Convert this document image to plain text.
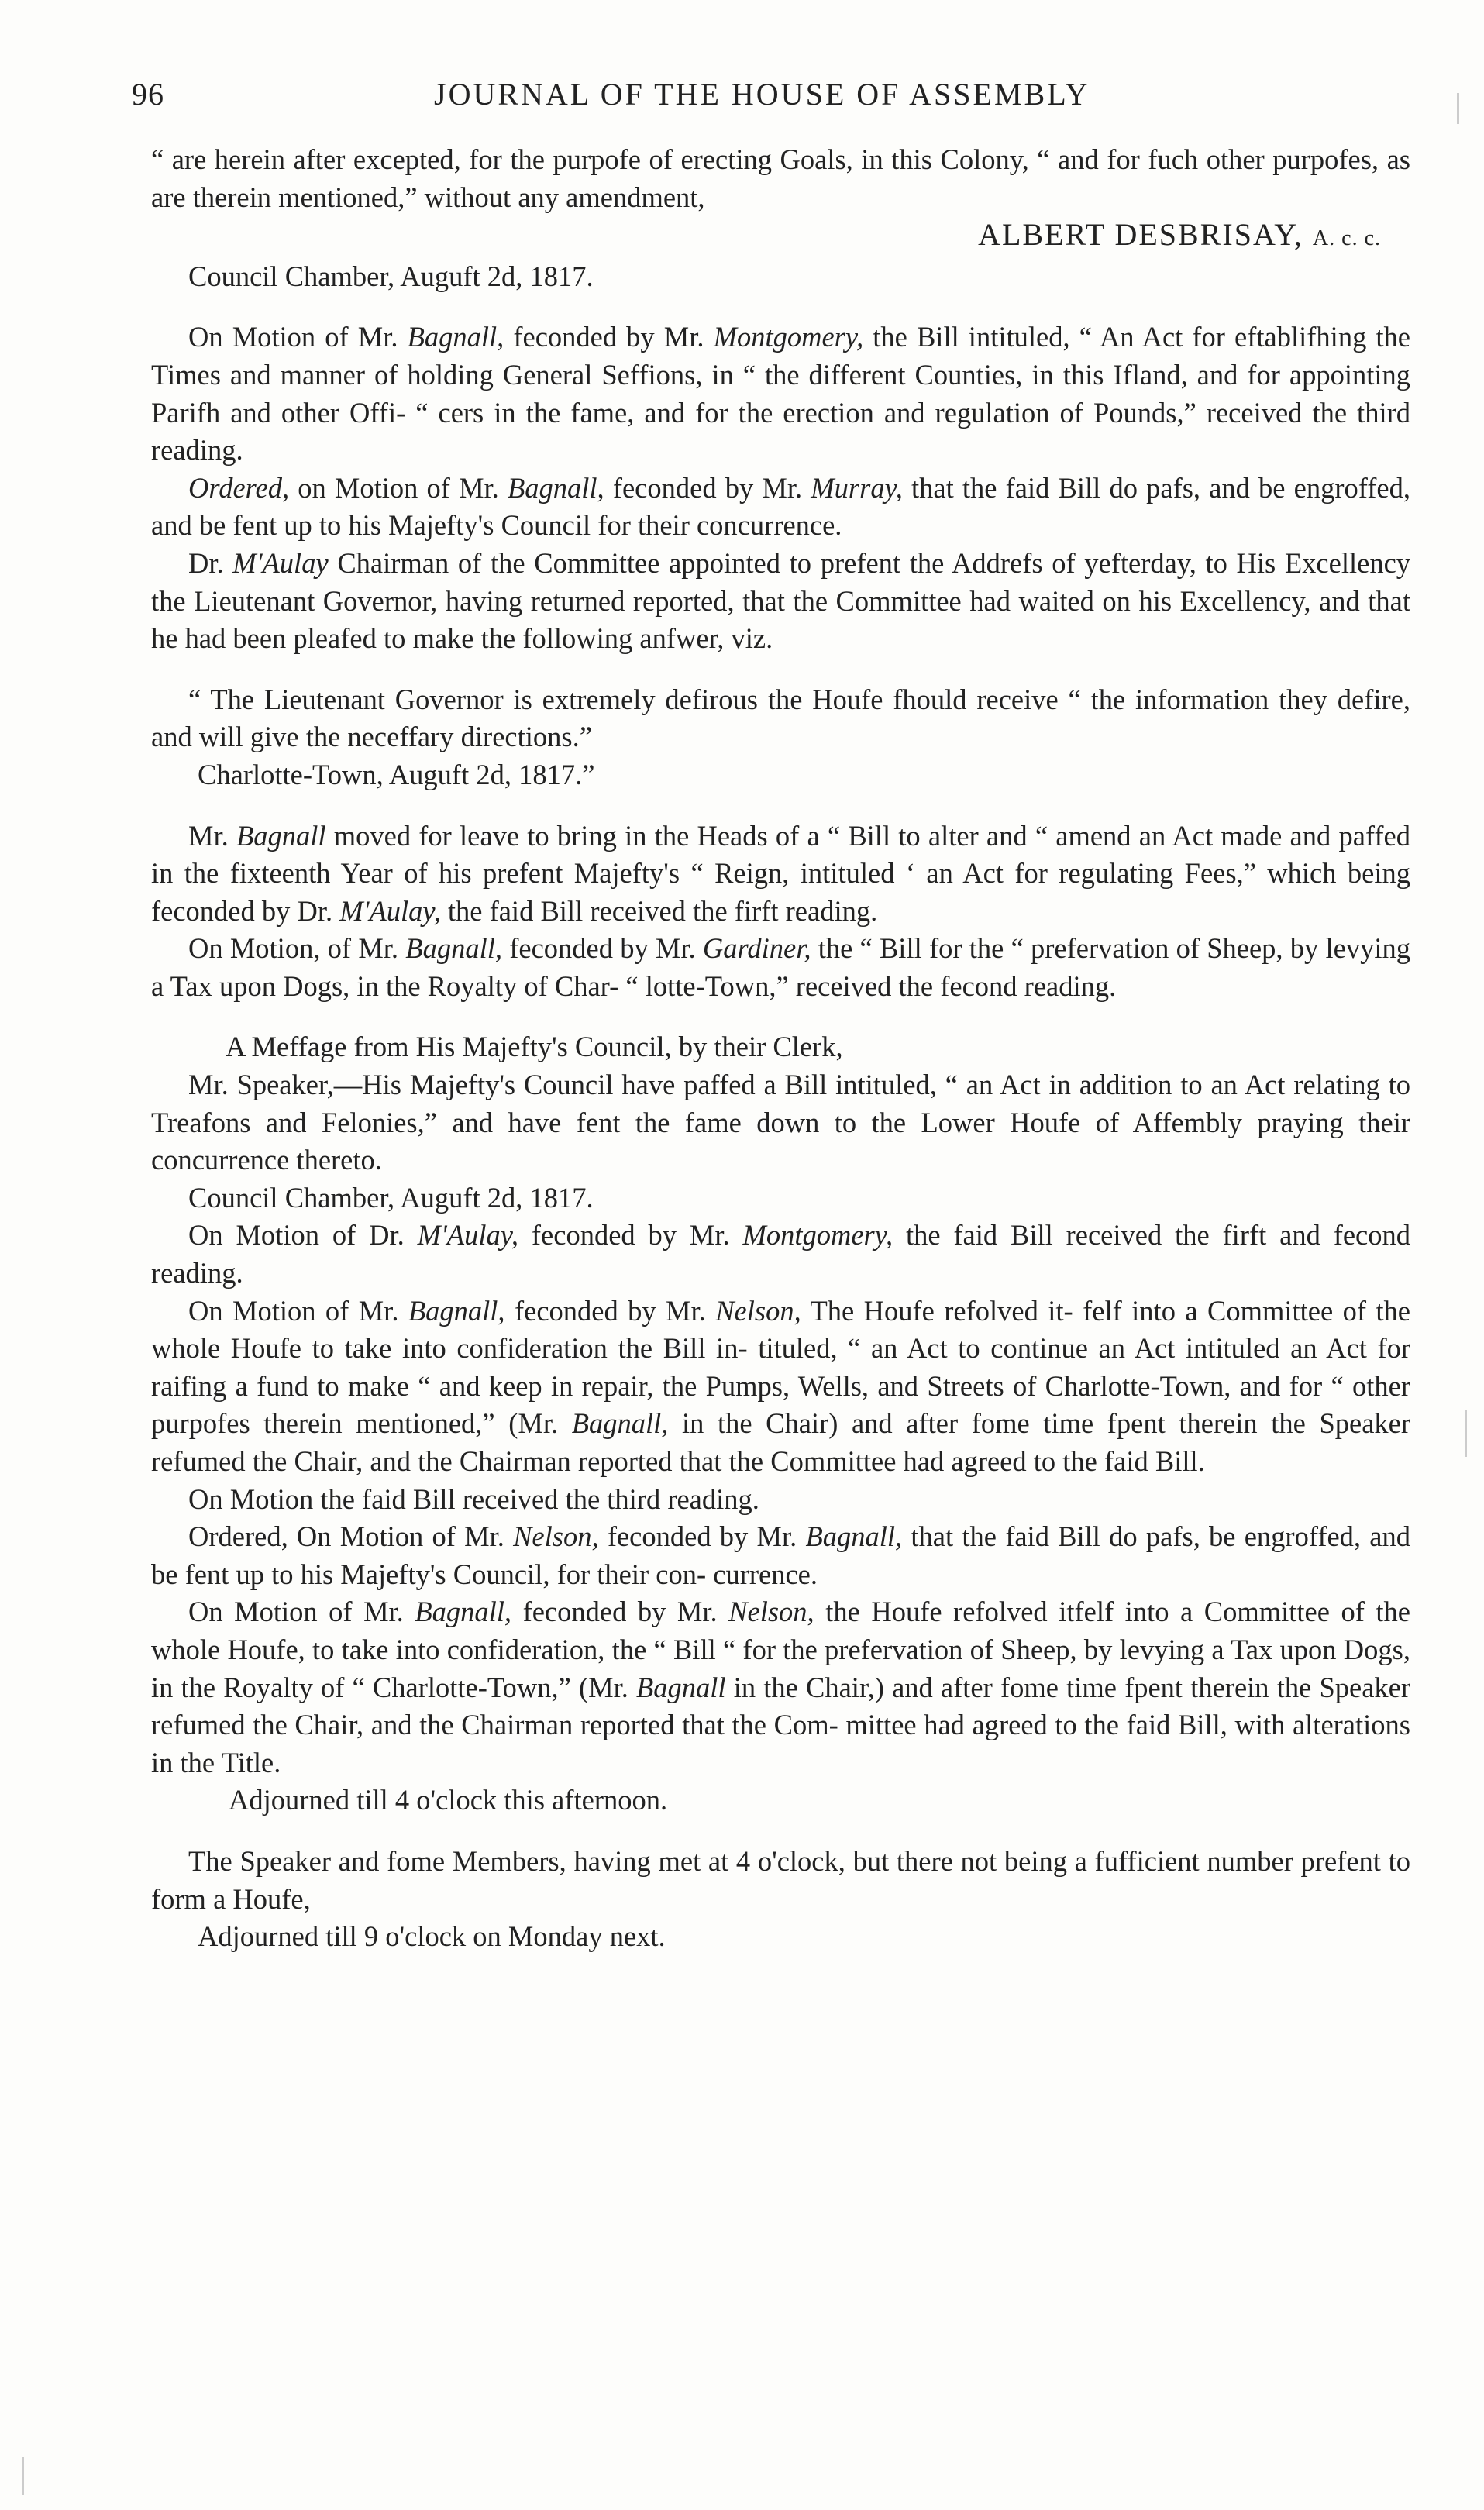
96	JOURNAL OF THE HOUSE OF ASSEMBLY

“ are herein after excepted, for the purpofe of erecting Goals, in this Colony, “ and for fuch other purpofes, as are therein mentioned,” without any amendment,

ALBERT DESBRISAY, A. c. c.

Council Chamber, Auguft 2d, 1817.

On Motion of Mr. Bagnall, feconded by Mr. Montgomery, the Bill intituled, “ An Act for eftablifhing the Times and manner of holding General Seffions, in “ the different Counties, in this Ifland, and for appointing Parifh and other Offi- “ cers in the fame, and for the erection and regulation of Pounds,” received the third reading.

Ordered, on Motion of Mr. Bagnall, feconded by Mr. Murray, that the faid Bill do pafs, and be engroffed, and be fent up to his Majefty's Council for their concurrence.

Dr. M'Aulay Chairman of the Committee appointed to prefent the Addrefs of yefterday, to His Excellency the Lieutenant Governor, having returned reported, that the Committee had waited on his Excellency, and that he had been pleafed to make the following anfwer, viz.

“ The Lieutenant Governor is extremely defirous the Houfe fhould receive “ the information they defire, and will give the neceffary directions.”

Charlotte-Town, Auguft 2d, 1817.”

Mr. Bagnall moved for leave to bring in the Heads of a “ Bill to alter and “ amend an Act made and paffed in the fixteenth Year of his prefent Majefty's “ Reign, intituled ‘ an Act for regulating Fees,” which being feconded by Dr. M'Aulay, the faid Bill received the firft reading.

On Motion, of Mr. Bagnall, feconded by Mr. Gardiner, the “ Bill for the “ prefervation of Sheep, by levying a Tax upon Dogs, in the Royalty of Char- “ lotte-Town,” received the fecond reading.

A Meffage from His Majefty's Council, by their Clerk,

Mr. Speaker,—His Majefty's Council have paffed a Bill intituled, “ an Act in addition to an Act relating to Treafons and Felonies,” and have fent the fame down to the Lower Houfe of Affembly praying their concurrence thereto.

Council Chamber, Auguft 2d, 1817.

On Motion of Dr. M'Aulay, feconded by Mr. Montgomery, the faid Bill received the firft and fecond reading.

On Motion of Mr. Bagnall, feconded by Mr. Nelson, The Houfe refolved it- felf into a Committee of the whole Houfe to take into confideration the Bill in- tituled, “ an Act to continue an Act intituled an Act for raifing a fund to make “ and keep in repair, the Pumps, Wells, and Streets of Charlotte-Town, and for “ other purpofes therein mentioned,” (Mr. Bagnall, in the Chair) and after fome time fpent therein the Speaker refumed the Chair, and the Chairman reported that the Committee had agreed to the faid Bill.

On Motion the faid Bill received the third reading.

Ordered, On Motion of Mr. Nelson, feconded by Mr. Bagnall, that the faid Bill do pafs, be engroffed, and be fent up to his Majefty's Council, for their con- currence.

On Motion of Mr. Bagnall, feconded by Mr. Nelson, the Houfe refolved itfelf into a Committee of the whole Houfe, to take into confideration, the “ Bill “ for the prefervation of Sheep, by levying a Tax upon Dogs, in the Royalty of “ Charlotte-Town,” (Mr. Bagnall in the Chair,) and after fome time fpent therein the Speaker refumed the Chair, and the Chairman reported that the Com- mittee had agreed to the faid Bill, with alterations in the Title.

Adjourned till 4 o'clock this afternoon.

The Speaker and fome Members, having met at 4 o'clock, but there not being a fufficient number prefent to form a Houfe,

Adjourned till 9 o'clock on Monday next.
